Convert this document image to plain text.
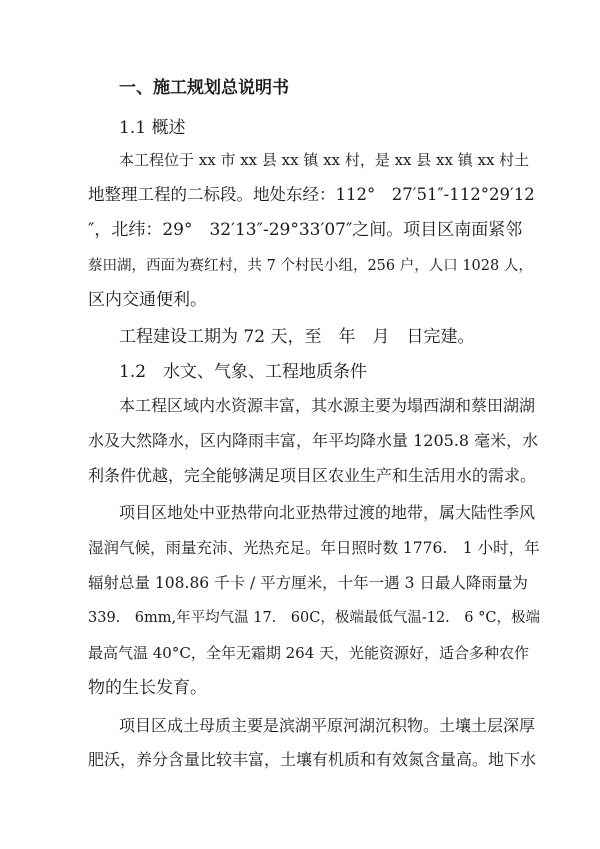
一、施工规划总说明书
1.1 概述
本工程位于 xx 市 xx 县 xx 镇 xx 村，是 xx 县 xx 镇 xx 村土
地整理工程的二标段。地处东经：112°　27′51″-112°29′12
″，北纬：29°　32′13″-29°33′07″之间。项目区南面紧邻
蔡田湖，西面为赛红村，共 7 个村民小组，256 户，人口 1028 人，
区内交通便利。
工程建设工期为 72 天，至　年　月　日完建。
1.2　水文、气象、工程地质条件
本工程区域内水资源丰富，其水源主要为塌西湖和蔡田湖湖
水及大然降水，区内降雨丰富，年平均降水量 1205.8 毫米，水
利条件优越，完全能够满足项目区农业生产和生活用水的需求。
项目区地处中亚热带向北亚热带过渡的地带，属大陆性季风
湿润气候，雨量充沛、光热充足。年日照时数 1776.　1 小时，年
辐射总量 108.86 千卡 / 平方厘米，十年一遇 3 日最人降雨量为
339.　6mm,年平均气温 17.　60C，极端最低气温-12.　6 °C，极端
最高气温 40°C，全年无霜期 264 天，光能资源好，适合多种农作
物的生长发育。
项目区成土母质主要是滨湖平原河湖沉积物。土壤土层深厚
肥沃，养分含量比较丰富，土壤有机质和有效氮含量高。地下水
